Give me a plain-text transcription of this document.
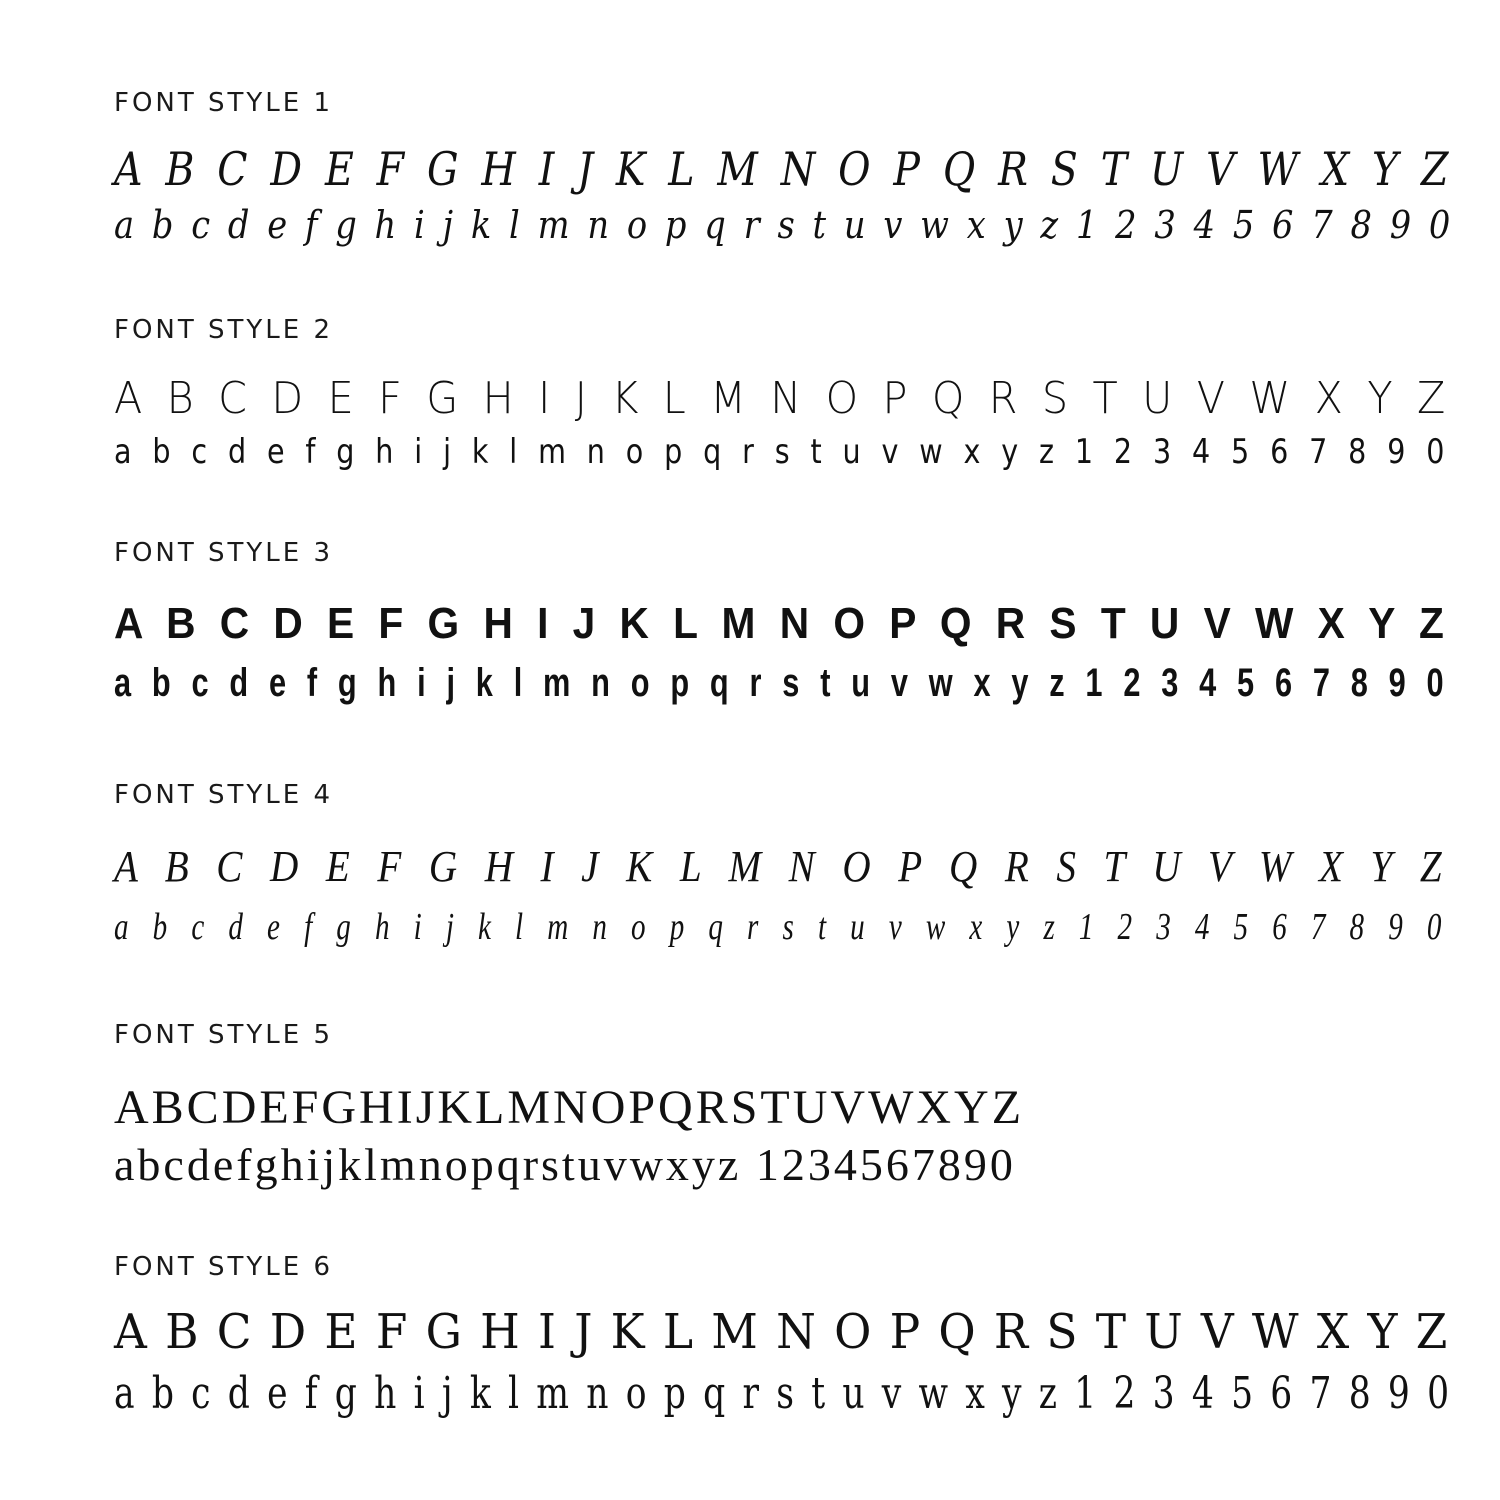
FONT STYLE 1
A B C D E F G H I J K L M N O P Q R S T U V W X Y Z
a b c d e f g h i j k l m n o p q r s t u v w x y z 1 2 3 4 5 6 7 8 9 0
FONT STYLE 2
A B C D E F G H I J K L M N O P Q R S T U V W X Y Z
a b c d e f g h i j k l m n o p q r s t u v w x y z 1 2 3 4 5 6 7 8 9 0
FONT STYLE 3
A B C D E F G H I J K L M N O P Q R S T U V W X Y Z
a b c d e f g h i j k l m n o p q r s t u v w x y z 1 2 3 4 5 6 7 8 9 0
FONT STYLE 4
A B C D E F G H I J K L M N O P Q R S T U V W X Y Z
a b c d e f g h i j k l m n o p q r s t u v w x y z 1 2 3 4 5 6 7 8 9 0
FONT STYLE 5
ABCDEFGHIJKLMNOPQRSTUVWXYZ
abcdefghijklmnopqrstuvwxyz 1234567890
FONT STYLE 6
A B C D E F G H I J K L M N O P Q R S T U V W X Y Z
a b c d e f g h i j k l m n o p q r s t u v w x y z 1 2 3 4 5 6 7 8 9 0
